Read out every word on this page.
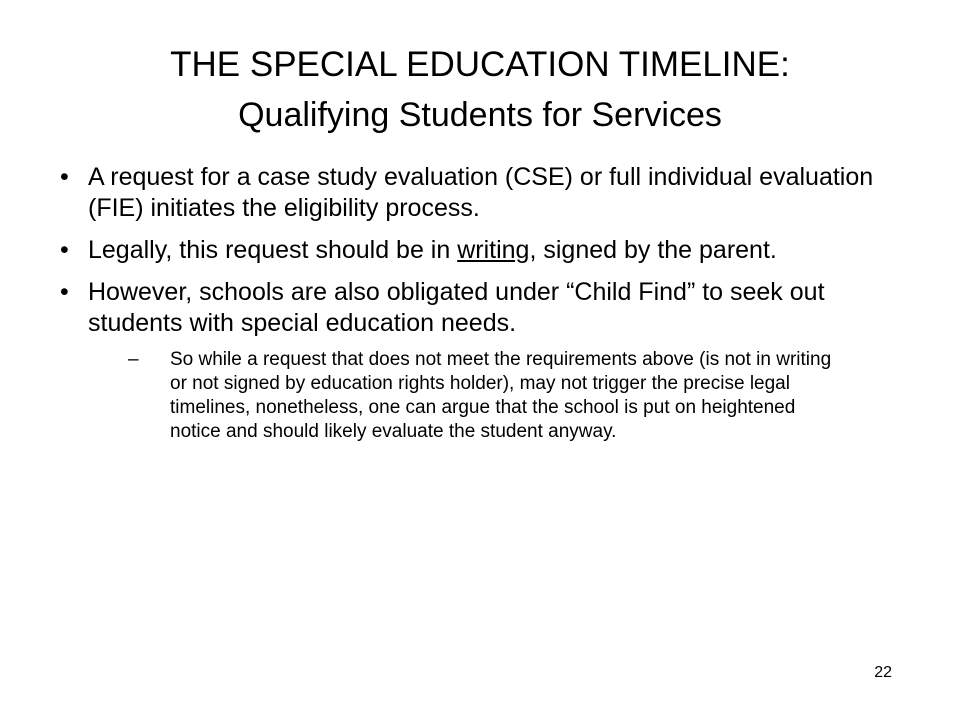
THE SPECIAL EDUCATION TIMELINE:
Qualifying Students for Services
• A request for a case study evaluation (CSE) or full individual evaluation (FIE) initiates the eligibility process.
• Legally, this request should be in writing, signed by the parent.
• However, schools are also obligated under “Child Find” to seek out students with special education needs.
–	So while a request that does not meet the requirements above (is not in writing or not signed by education rights holder), may not trigger the precise legal timelines, nonetheless, one can argue that the school is put on heightened notice and should likely evaluate the student anyway.
22
